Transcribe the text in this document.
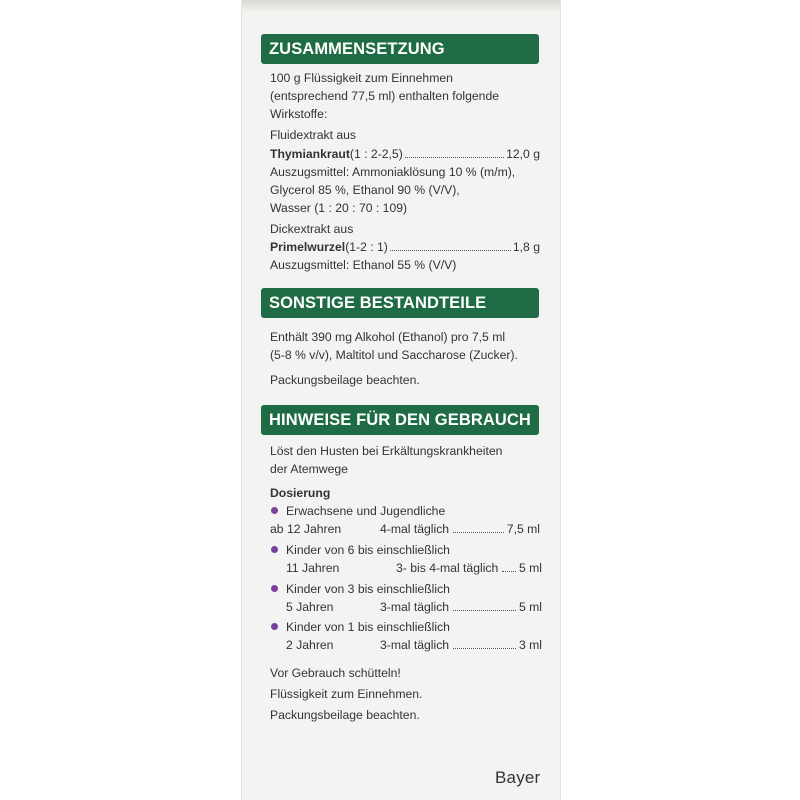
ZUSAMMENSETZUNG
100 g Flüssigkeit zum Einnehmen
(entsprechend 77,5 ml) enthalten folgende
Wirkstoffe:
Fluidextrakt aus
Thymiankraut (1 : 2-2,5)	12,0 g
Auszugsmittel: Ammoniaklösung 10 % (m/m),
Glycerol 85 %, Ethanol 90 % (V/V),
Wasser (1 : 20 : 70 : 109)
Dickextrakt aus
Primelwurzel (1-2 : 1)	1,8 g
Auszugsmittel: Ethanol 55 % (V/V)
SONSTIGE BESTANDTEILE
Enthält 390 mg Alkohol (Ethanol) pro 7,5 ml
(5-8 % v/v), Maltitol und Saccharose (Zucker).
Packungsbeilage beachten.
HINWEISE FÜR DEN GEBRAUCH
Löst den Husten bei Erkältungskrankheiten
der Atemwege
Dosierung
Erwachsene und Jugendliche
ab 12 Jahren	4-mal täglich	7,5 ml
Kinder von 6 bis einschließlich
11 Jahren	3- bis 4-mal täglich 5 ml
Kinder von 3 bis einschließlich
5 Jahren	3-mal täglich	5 ml
Kinder von 1 bis einschließlich
2 Jahren	3-mal täglich	3 ml
Vor Gebrauch schütteln!
Flüssigkeit zum Einnehmen.
Packungsbeilage beachten.
Bayer
